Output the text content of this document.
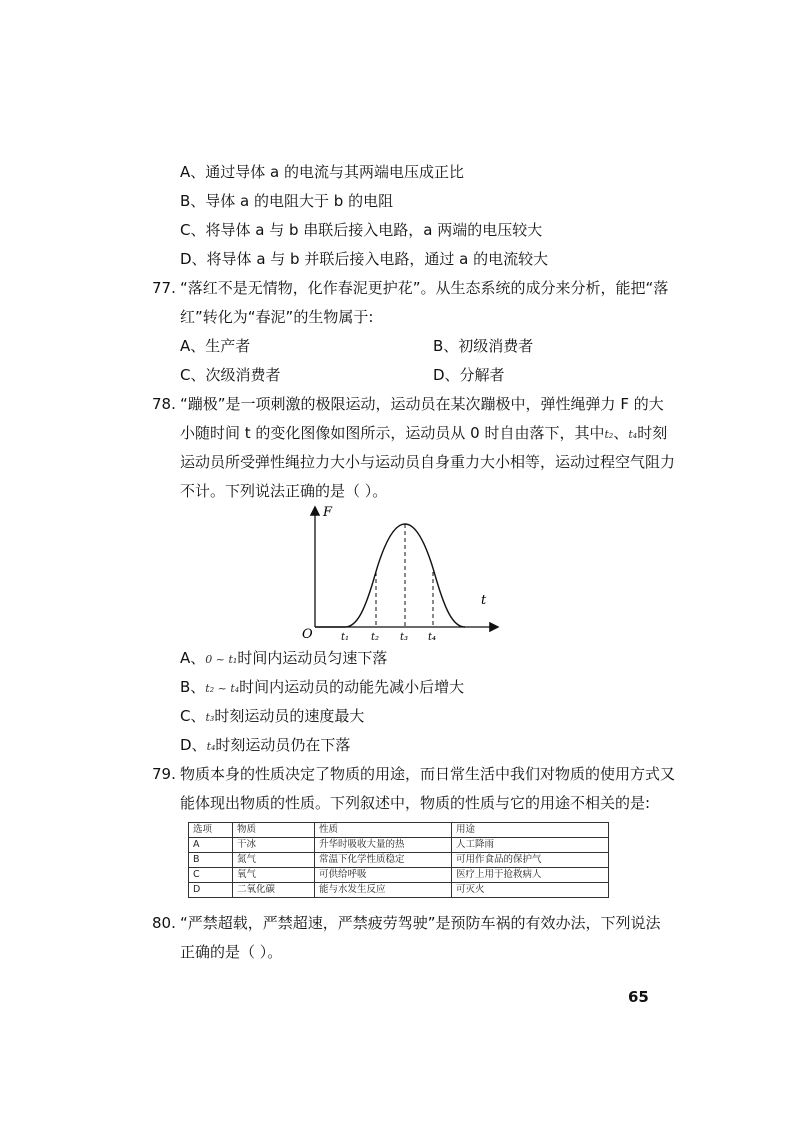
A、通过导体 a 的电流与其两端电压成正比
B、导体 a 的电阻大于 b 的电阻
C、将导体 a 与 b 串联后接入电路，a 两端的电压较大
D、将导体 a 与 b 并联后接入电路，通过 a 的电流较大
77. “落红不是无情物，化作春泥更护花”。从生态系统的成分来分析，能把“落
红”转化为“春泥”的生物属于:
A、生产者	B、初级消费者
C、次级消费者	D、分解者
78. “蹦极”是一项刺激的极限运动，运动员在某次蹦极中，弹性绳弹力 F 的大
小随时间 t 的变化图像如图所示，运动员从 0 时自由落下，其中t₂、t₄时刻
运动员所受弹性绳拉力大小与运动员自身重力大小相等，运动过程空气阻力
不计。下列说法正确的是（ ）。
F
t
O	t₁ t₂ t₃ t₄
A、0 ~ t₁时间内运动员匀速下落
B、t₂ ~ t₄时间内运动员的动能先减小后增大
C、t₃时刻运动员的速度最大
D、t₄时刻运动员仍在下落
79. 物质本身的性质决定了物质的用途，而日常生活中我们对物质的使用方式又
能体现出物质的性质。下列叙述中，物质的性质与它的用途不相关的是:
选项	物质	性质	用途
A	干冰	升华时吸收大量的热	人工降雨
B	氮气	常温下化学性质稳定	可用作食品的保护气
C	氧气	可供给呼吸	医疗上用于抢救病人
D	二氧化碳	能与水发生反应	可灭火
80. “严禁超载，严禁超速，严禁疲劳驾驶”是预防车祸的有效办法，下列说法
正确的是（ ）。
65
